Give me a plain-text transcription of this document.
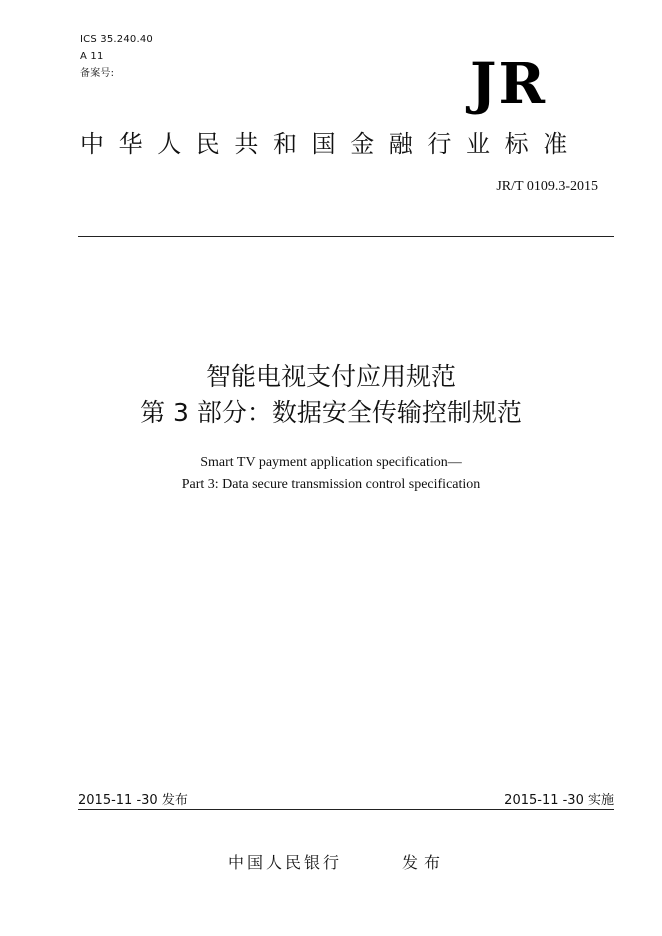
ICS 35.240.40
A 11
备案号:	JR
中华人民共和国金融行业标准
JR/T 0109.3-2015
智能电视支付应用规范
第 3 部分：数据安全传输控制规范
Smart TV payment application specification—
Part 3: Data secure transmission control specification
2015-11 -30 发布	2015-11 -30 实施
中国人民银行	发布
